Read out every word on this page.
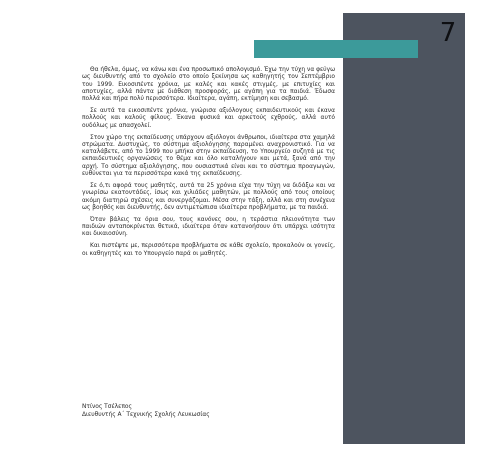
7

Θα ήθελα, όμως, να κάνω και ένα προσωπικό απολογισμό. Έχω την τύχη να φεύγω ως διευθυντής από το σχολείο στο οποίο ξεκίνησα ως καθηγητής τον Σεπτέμβριο του 1999. Εικοσιπέντε χρόνια, με καλές και κακές στιγμές, με επιτυχίες και αποτυχίες, αλλά πάντα με διάθεση προσφοράς, με αγάπη για τα παιδιά. Έδωσα πολλά και πήρα πολύ περισσότερα. Ιδιαίτερα, αγάπη, εκτίμηση και σεβασμό.

Σε αυτά τα εικοσιπέντε χρόνια, γνώρισα αξιόλογους εκπαιδευτικούς και έκανα πολλούς και καλούς φίλους. Έκανα φυσικά και αρκετούς εχθρούς, αλλά αυτό ουδόλως με απασχολεί.

Στον χώρο της εκπαίδευσης υπάρχουν αξιόλογοι άνθρωποι, ιδιαίτερα στα χαμηλά στρώματα. Δυστυχώς, το σύστημα αξιολόγησης παραμένει αναχρονιστικό. Για να καταλάβετε, από το 1999 που μπήκα στην εκπαίδευση, το Υπουργείο συζητά με τις εκπαιδευτικές οργανώσεις το θέμα και όλο καταλήγουν και μετά, ξανά από την αρχή. Το σύστημα αξιολόγησης, που ουσιαστικά είναι και το σύστημα προαγωγών, ευθύνεται για τα περισσότερα κακά της εκπαίδευσης.

Σε ό,τι αφορά τους μαθητές, αυτά τα 25 χρόνια είχα την τύχη να διδάξω και να γνωρίσω εκατοντάδες, ίσως και χιλιάδες μαθητών, με πολλούς από τους οποίους ακόμη διατηρώ σχέσεις και συνεργάζομαι. Μέσα στην τάξη, αλλά και στη συνέχεια ως βοηθός και διευθυντής, δεν αντιμετώπισα ιδιαίτερα προβλήματα, με τα παιδιά.

Όταν βάλεις τα όρια σου, τους κανόνες σου, η τεράστια πλειονότητα των παιδιών ανταποκρίνεται θετικά, ιδιαίτερα όταν κατανοήσουν ότι υπάρχει ισότητα και δικαιοσύνη.

Και πιστέψτε με, περισσότερα προβλήματα σε κάθε σχολείο, προκαλούν οι γονείς, οι καθηγητές και το Υπουργείο παρά οι μαθητές.

Ντίνος Τσέλεπος
Διευθυντής Α΄ Τεχνικής Σχολής Λευκωσίας
